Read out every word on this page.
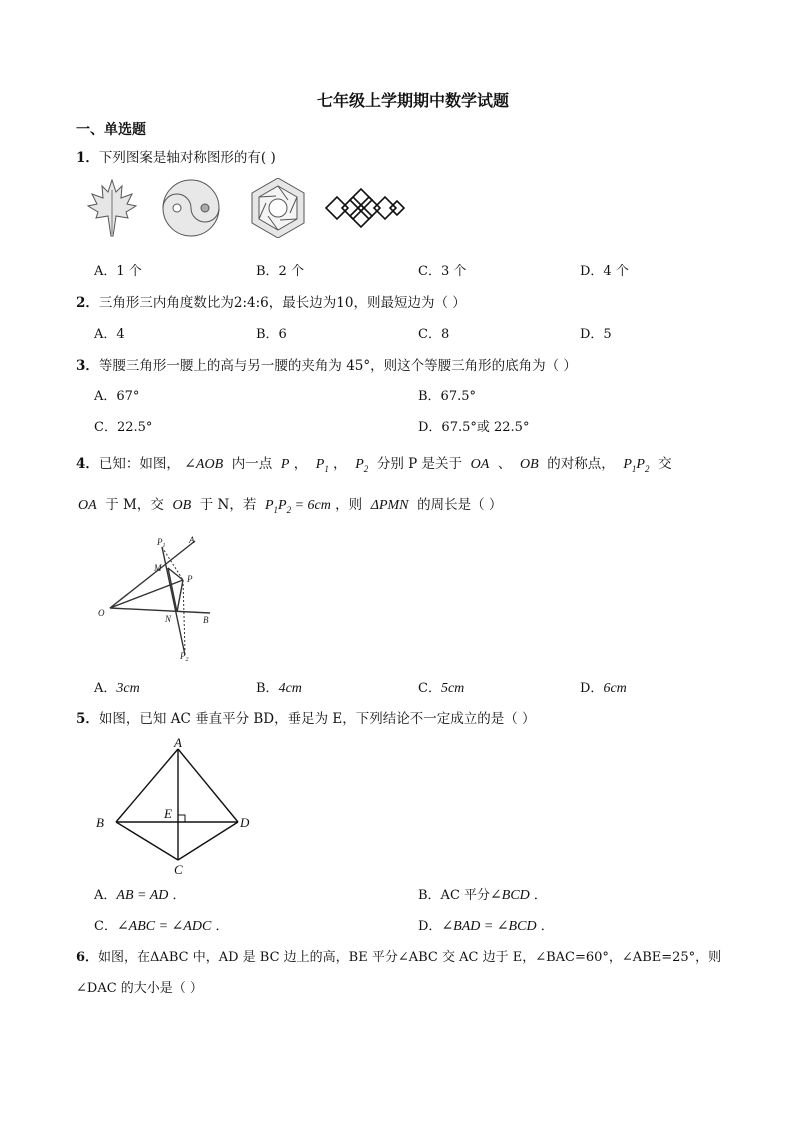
七年级上学期期中数学试题
一、单选题
1．下列图案是轴对称图形的有( )
A．1 个	B．2 个	C．3 个	D．4 个
2．三角形三内角度数比为2:4:6，最长边为10，则最短边为（ ）
A．4	B．6	C．8	D．5
3．等腰三角形一腰上的高与另一腰的夹角为 45°，则这个等腰三角形的底角为（ ）
A．67°	B．67.5°
C．22.5°	D．67.5°或 22.5°
4．已知：如图， ∠AOB 内一点 P ，  $P_1$ ，  $P_2$ 分别 P 是关于 OA 、 OB 的对称点， $P_1P_2$ 交
OA 于 M，交 OB 于 N，若 $P_1P_2 = 6cm$ ，则 ΔPMN 的周长是（ ）
O
A
B
M
N
P
$P_1$
$P_2$
A．3cm	B．4cm	C．5cm	D．6cm
5．如图，已知 AC 垂直平分 BD，垂足为 E，下列结论不一定成立的是（ ）
A
B
C
D
E
A．AB = AD ．	B．AC 平分∠BCD ．
C．∠ABC = ∠ADC ．	D．∠BAD = ∠BCD ．
6．如图，在ΔABC 中，AD 是 BC 边上的高，BE 平分∠ABC 交 AC 边于 E，∠BAC=60°，∠ABE=25°，则
∠DAC 的大小是（ ）
